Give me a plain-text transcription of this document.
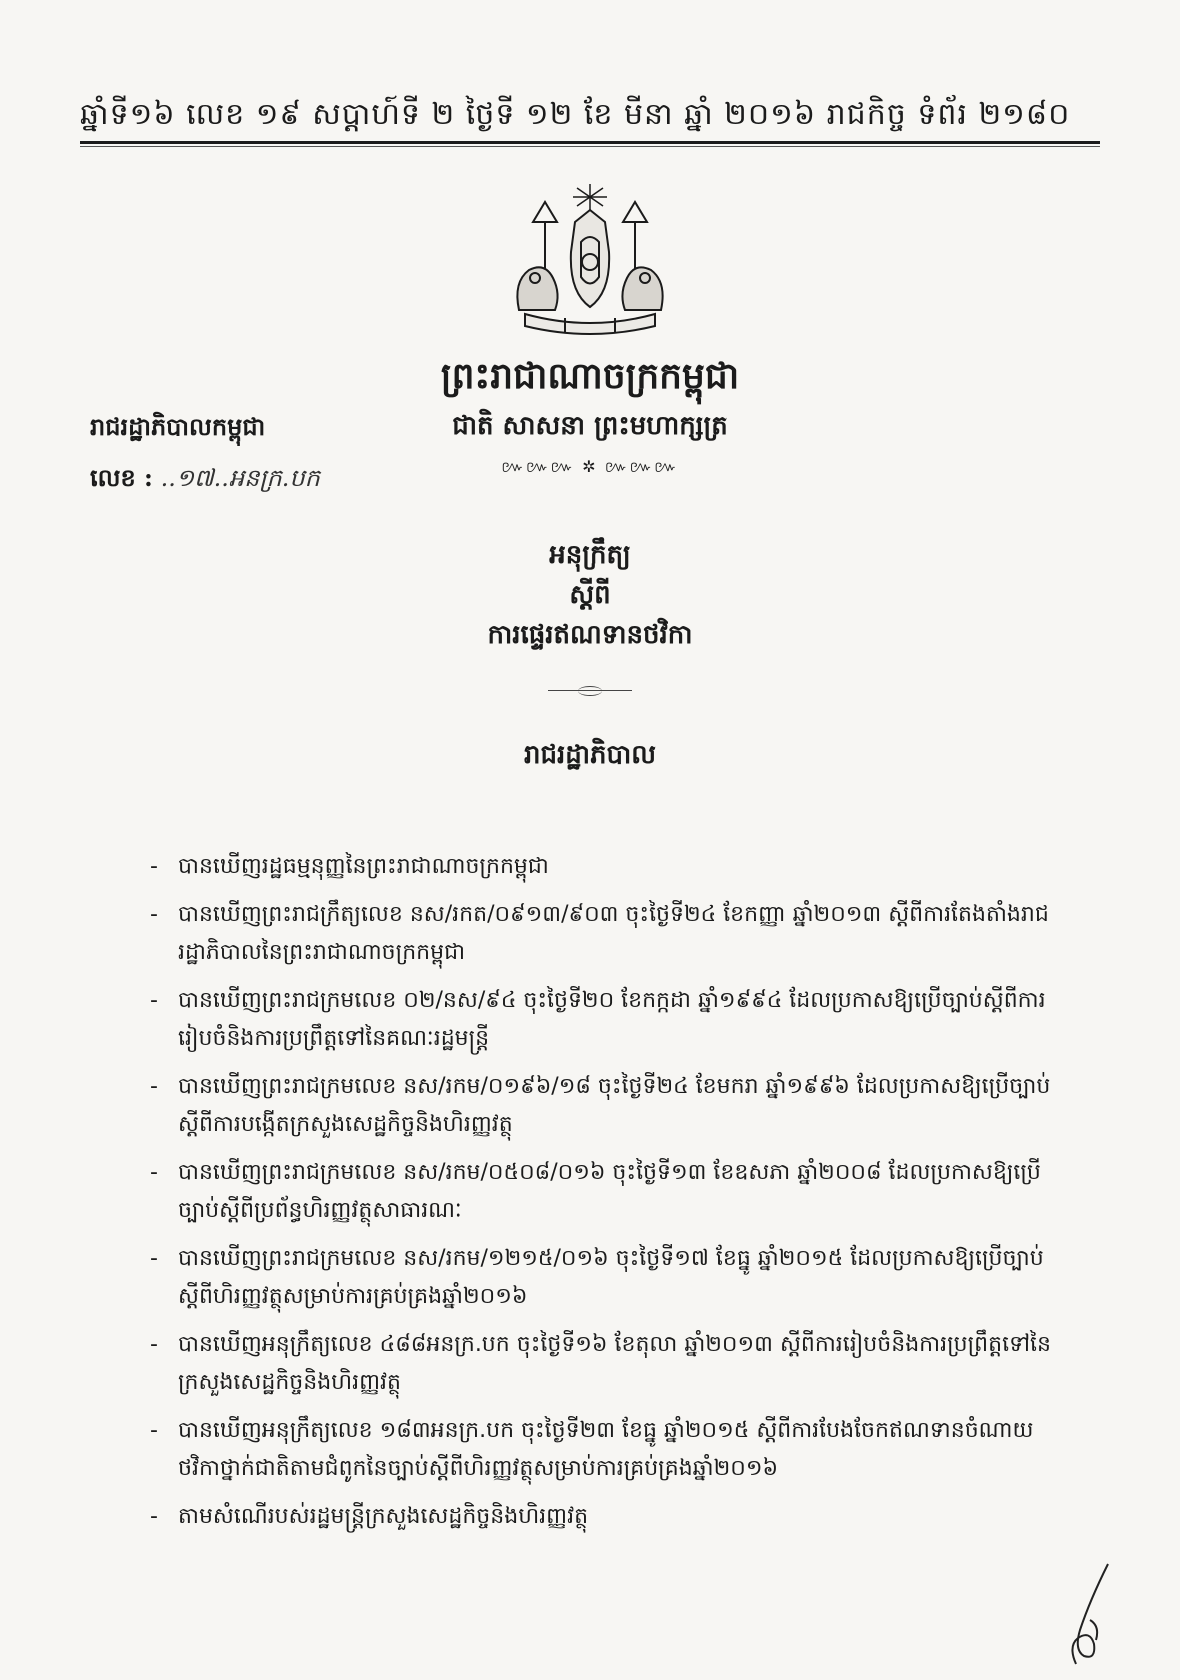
ឆ្នាំទី១៦ លេខ ១៩ សប្តាហ៍ទី ២ ថ្ងៃទី ១២ ខែ មីនា ឆ្នាំ ២០១៦ រាជកិច្ច ទំព័រ ២១៨០
ព្រះរាជាណាចក្រកម្ពុជា
ជាតិ សាសនា ព្រះមហាក្សត្រ
៚៚៚ ✲ ៚៚៚
រាជរដ្ឋាភិបាលកម្ពុជា
លេខ : ..១៧..អនក្រ.បក
អនុក្រឹត្យ
ស្តីពី
ការផ្ទេរឥណទានថវិកា
រាជរដ្ឋាភិបាល
- បានឃើញរដ្ឋធម្មនុញ្ញនៃព្រះរាជាណាចក្រកម្ពុជា
- បានឃើញព្រះរាជក្រឹត្យលេខ នស/រកត/០៩១៣/៩០៣ ចុះថ្ងៃទី២៤ ខែកញ្ញា ឆ្នាំ២០១៣ ស្តីពីការតែងតាំងរាជរដ្ឋាភិបាលនៃព្រះរាជាណាចក្រកម្ពុជា
- បានឃើញព្រះរាជក្រមលេខ ០២/នស/៩៤ ចុះថ្ងៃទី២០ ខែកក្កដា ឆ្នាំ១៩៩៤ ដែលប្រកាសឱ្យប្រើច្បាប់ស្តីពីការរៀបចំនិងការប្រព្រឹត្តទៅនៃគណៈរដ្ឋមន្ត្រី
- បានឃើញព្រះរាជក្រមលេខ នស/រកម/០១៩៦/១៨ ចុះថ្ងៃទី២៤ ខែមករា ឆ្នាំ១៩៩៦ ដែលប្រកាសឱ្យប្រើច្បាប់ស្តីពីការបង្កើតក្រសួងសេដ្ឋកិច្ចនិងហិរញ្ញវត្ថុ
- បានឃើញព្រះរាជក្រមលេខ នស/រកម/០៥០៨/០១៦ ចុះថ្ងៃទី១៣ ខែឧសភា ឆ្នាំ២០០៨ ដែលប្រកាសឱ្យប្រើច្បាប់ស្តីពីប្រព័ន្ធហិរញ្ញវត្ថុសាធារណៈ
- បានឃើញព្រះរាជក្រមលេខ នស/រកម/១២១៥/០១៦ ចុះថ្ងៃទី១៧ ខែធ្នូ ឆ្នាំ២០១៥ ដែលប្រកាសឱ្យប្រើច្បាប់ស្តីពីហិរញ្ញវត្ថុសម្រាប់ការគ្រប់គ្រងឆ្នាំ២០១៦
- បានឃើញអនុក្រឹត្យលេខ ៤៨៨អនក្រ.បក ចុះថ្ងៃទី១៦ ខែតុលា ឆ្នាំ២០១៣ ស្តីពីការរៀបចំនិងការប្រព្រឹត្តទៅនៃក្រសួងសេដ្ឋកិច្ចនិងហិរញ្ញវត្ថុ
- បានឃើញអនុក្រឹត្យលេខ ១៨៣អនក្រ.បក ចុះថ្ងៃទី២៣ ខែធ្នូ ឆ្នាំ២០១៥ ស្តីពីការបែងចែកឥណទានចំណាយថវិកាថ្នាក់ជាតិតាមជំពូកនៃច្បាប់ស្តីពីហិរញ្ញវត្ថុសម្រាប់ការគ្រប់គ្រងឆ្នាំ២០១៦
- តាមសំណើរបស់រដ្ឋមន្ត្រីក្រសួងសេដ្ឋកិច្ចនិងហិរញ្ញវត្ថុ
